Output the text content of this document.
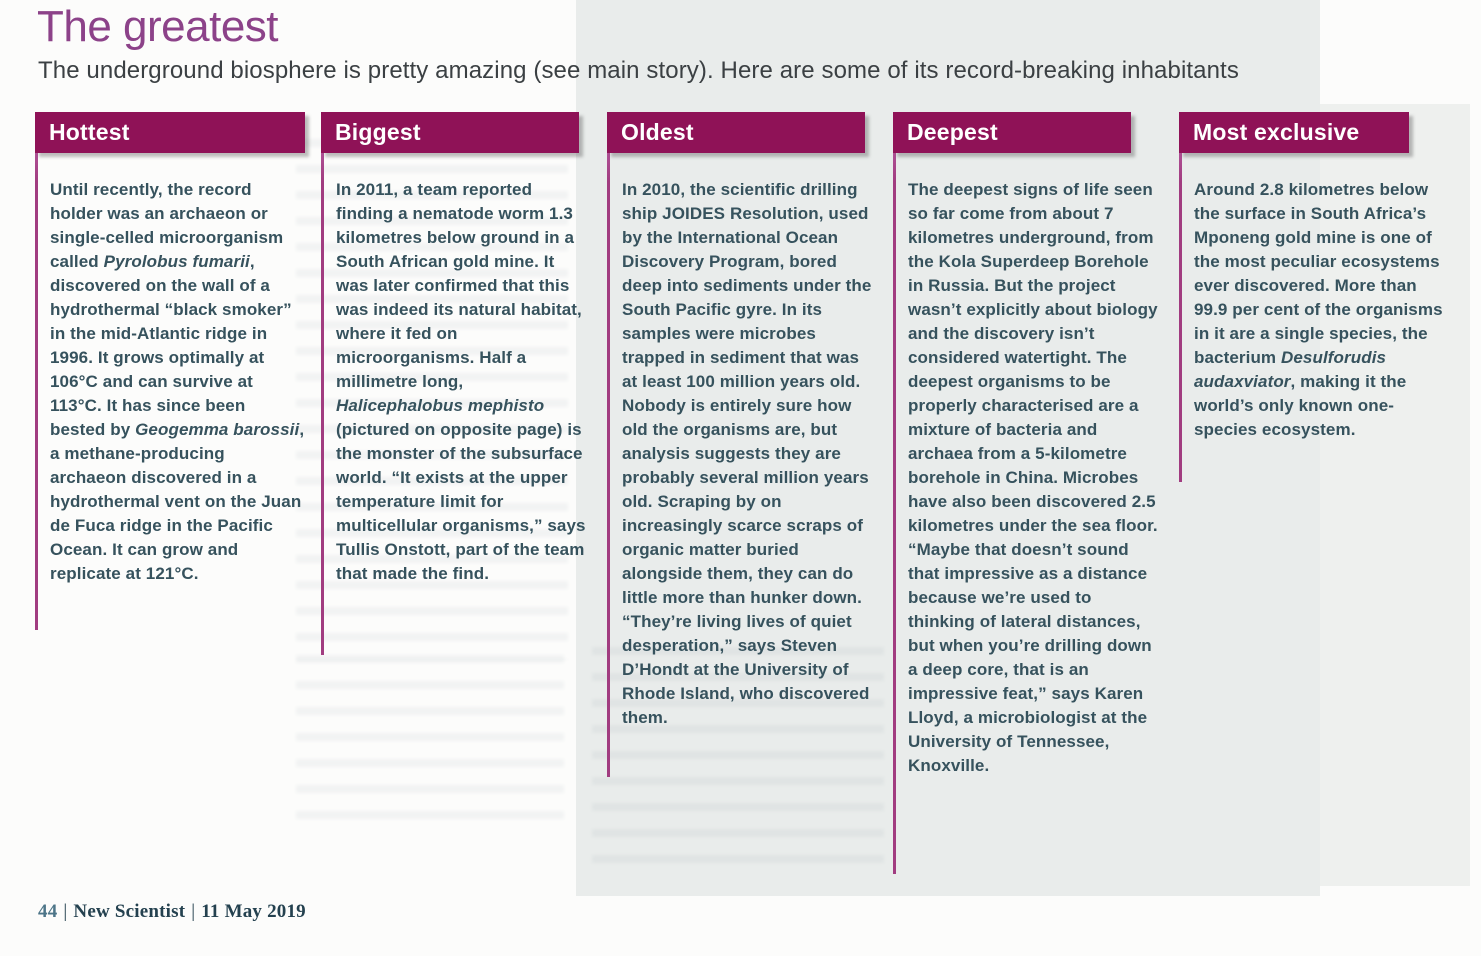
The greatest

The underground biosphere is pretty amazing (see main story). Here are some of its record-breaking inhabitants

Hottest

Until recently, the record holder was an archaeon or single-celled microorganism called Pyrolobus fumarii, discovered on the wall of a hydrothermal “black smoker” in the mid-Atlantic ridge in 1996. It grows optimally at 106°C and can survive at 113°C. It has since been bested by Geogemma barossii, a methane-producing archaeon discovered in a hydrothermal vent on the Juan de Fuca ridge in the Pacific Ocean. It can grow and replicate at 121°C.

Biggest

In 2011, a team reported finding a nematode worm 1.3 kilometres below ground in a South African gold mine. It was later confirmed that this was indeed its natural habitat, where it fed on microorganisms. Half a millimetre long, Halicephalobus mephisto (pictured on opposite page) is the monster of the subsurface world. “It exists at the upper temperature limit for multicellular organisms,” says Tullis Onstott, part of the team that made the find.

Oldest

In 2010, the scientific drilling ship JOIDES Resolution, used by the International Ocean Discovery Program, bored deep into sediments under the South Pacific gyre. In its samples were microbes trapped in sediment that was at least 100 million years old. Nobody is entirely sure how old the organisms are, but analysis suggests they are probably several million years old. Scraping by on increasingly scarce scraps of organic matter buried alongside them, they can do little more than hunker down. “They’re living lives of quiet desperation,” says Steven D’Hondt at the University of Rhode Island, who discovered them.

Deepest

The deepest signs of life seen so far come from about 7 kilometres underground, from the Kola Superdeep Borehole in Russia. But the project wasn’t explicitly about biology and the discovery isn’t considered watertight. The deepest organisms to be properly characterised are a mixture of bacteria and archaea from a 5-kilometre borehole in China. Microbes have also been discovered 2.5 kilometres under the sea floor. “Maybe that doesn’t sound that impressive as a distance because we’re used to thinking of lateral distances, but when you’re drilling down a deep core, that is an impressive feat,” says Karen Lloyd, a microbiologist at the University of Tennessee, Knoxville.

Most exclusive

Around 2.8 kilometres below the surface in South Africa’s Mponeng gold mine is one of the most peculiar ecosystems ever discovered. More than 99.9 per cent of the organisms in it are a single species, the bacterium Desulforudis audaxviator, making it the world’s only known one-species ecosystem.

44 | New Scientist | 11 May 2019
